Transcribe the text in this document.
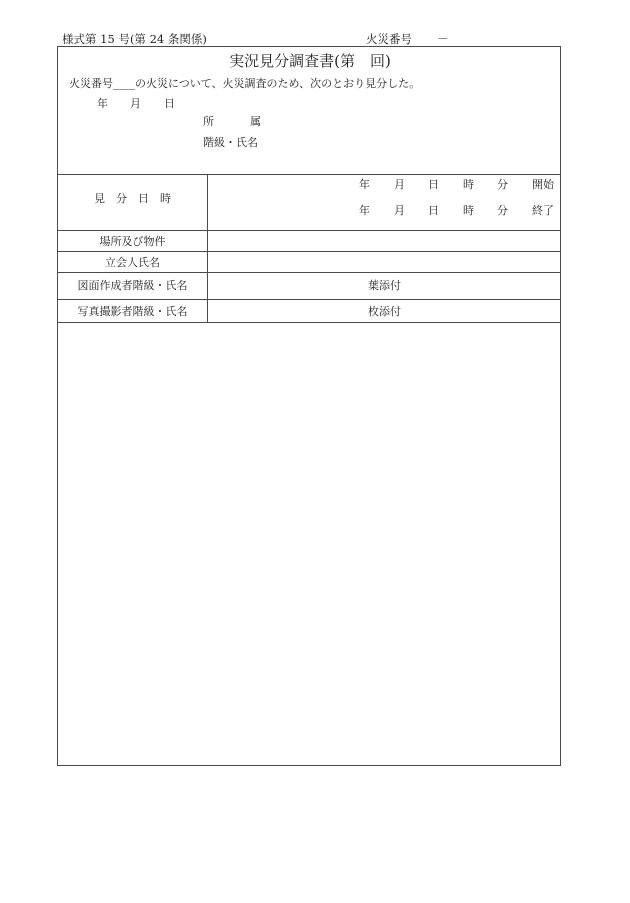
様式第 15 号(第 24 条関係)	火災番号 －
実況見分調査書(第　回)
火災番号____の火災について、火災調査のため、次のとおり見分した。
年 月 日
所	属
階級・氏名
見　分　日　時
年 月 日 時 分 開始
年 月 日 時 分 終了
場所及び物件
立会人氏名
図面作成者階級・氏名	葉添付
写真撮影者階級・氏名	枚添付
